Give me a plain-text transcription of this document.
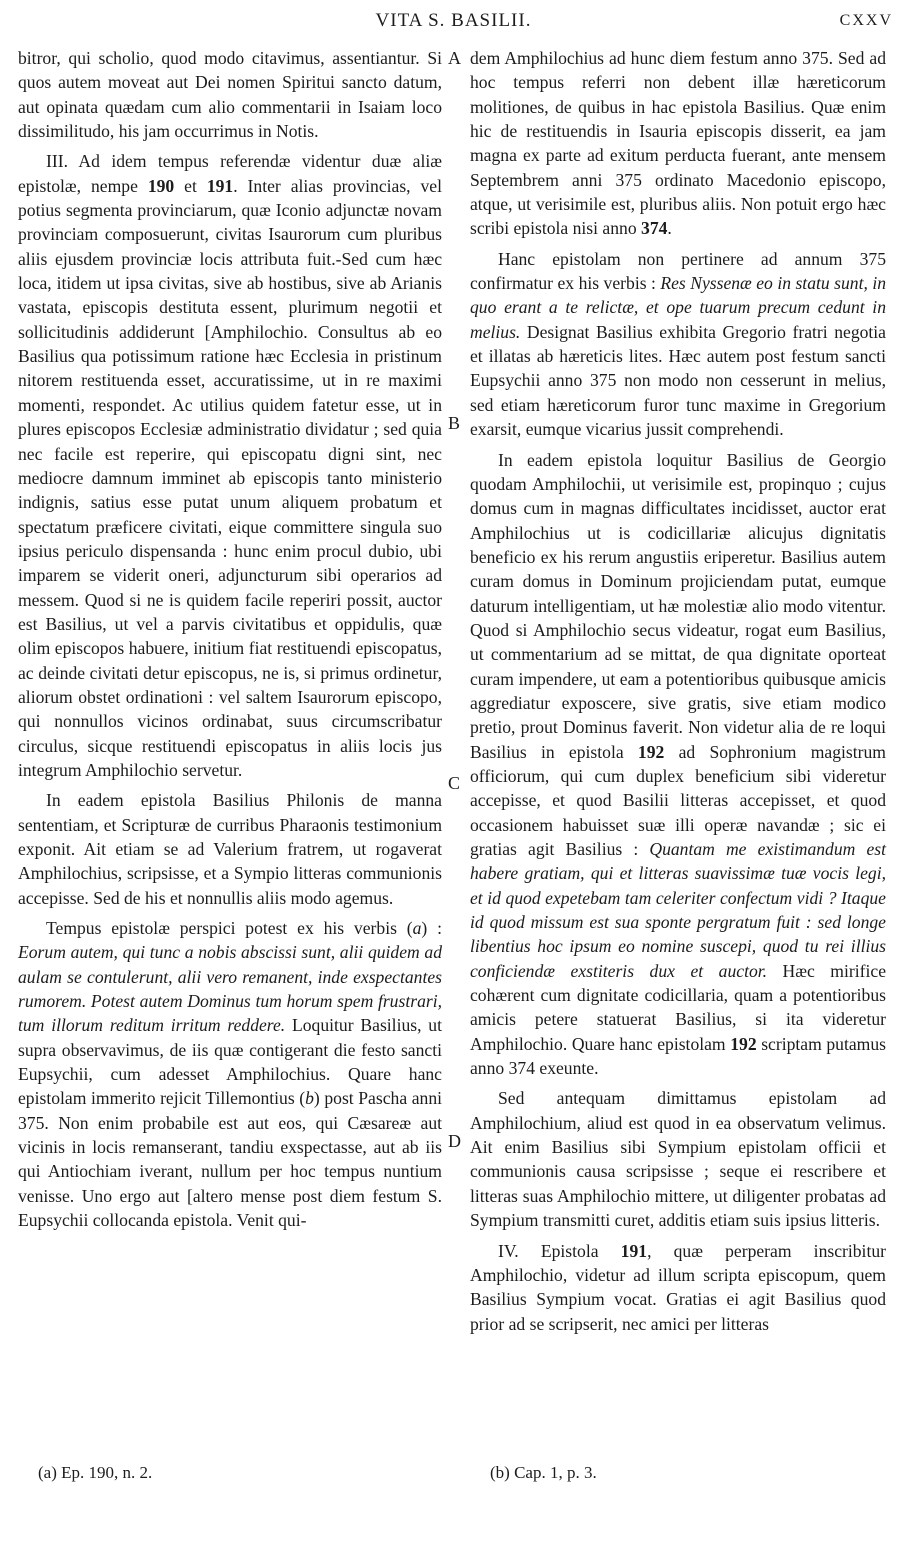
VITA S. BASILII.	CXXV
A
B
C
D

bitror, qui scholio, quod modo citavimus, assentiantur. Si quos autem moveat aut Dei nomen Spiritui sancto datum, aut opinata quædam cum alio commentarii in Isaiam loco dissimilitudo, his jam occurrimus in Notis.

III. Ad idem tempus referendæ videntur duæ aliæ epistolæ, nempe 190 et 191. Inter alias provincias, vel potius segmenta provinciarum, quæ Iconio adjunctæ novam provinciam composuerunt, civitas Isaurorum cum pluribus aliis ejusdem provinciæ locis attributa fuit.-Sed cum hæc loca, itidem ut ipsa civitas, sive ab hostibus, sive ab Arianis vastata, episcopis destituta essent, plurimum negotii et sollicitudinis addiderunt [Amphilochio. Consultus ab eo Basilius qua potissimum ratione hæc Ecclesia in pristinum nitorem restituenda esset, accuratissime, ut in re maximi momenti, respondet. Ac utilius quidem fatetur esse, ut in plures episcopos Ecclesiæ administratio dividatur ; sed quia nec facile est reperire, qui episcopatu digni sint, nec mediocre damnum imminet ab episcopis tanto ministerio indignis, satius esse putat unum aliquem probatum et spectatum præficere civitati, eique committere singula suo ipsius periculo dispensanda : hunc enim procul dubio, ubi imparem se viderit oneri, adjuncturum sibi operarios ad messem. Quod si ne is quidem facile reperiri possit, auctor est Basilius, ut vel a parvis civitatibus et oppidulis, quæ olim episcopos habuere, initium fiat restituendi episcopatus, ac deinde civitati detur episcopus, ne is, si primus ordinetur, aliorum obstet ordinationi : vel saltem Isaurorum episcopo, qui nonnullos vicinos ordinabat, suus circumscribatur circulus, sicque restituendi episcopatus in aliis locis jus integrum Amphilochio servetur.

In eadem epistola Basilius Philonis de manna sententiam, et Scripturæ de curribus Pharaonis testimonium exponit. Ait etiam se ad Valerium fratrem, ut rogaverat Amphilochius, scripsisse, et a Sympio litteras communionis accepisse. Sed de his et nonnullis aliis modo agemus.

Tempus epistolæ perspici potest ex his verbis (a) : Eorum autem, qui tunc a nobis abscissi sunt, alii quidem ad aulam se contulerunt, alii vero remanent, inde exspectantes rumorem. Potest autem Dominus tum horum spem frustrari, tum illorum reditum irritum reddere. Loquitur Basilius, ut supra observavimus, de iis quæ contigerant die festo sancti Eupsychii, cum adesset Amphilochius. Quare hanc epistolam immerito rejicit Tillemontius (b) post Pascha anni 375. Non enim probabile est aut eos, qui Cæsareæ aut vicinis in locis remanserant, tandiu exspectasse, aut ab iis qui Antiochiam iverant, nullum per hoc tempus nuntium venisse. Uno ergo aut [altero mense post diem festum S. Eupsychii collocanda epistola. Venit qui-

dem Amphilochius ad hunc diem festum anno 375. Sed ad hoc tempus referri non debent illæ hæreticorum molitiones, de quibus in hac epistola Basilius. Quæ enim hic de restituendis in Isauria episcopis disserit, ea jam magna ex parte ad exitum perducta fuerant, ante mensem Septembrem anni 375 ordinato Macedonio episcopo, atque, ut verisimile est, pluribus aliis. Non potuit ergo hæc scribi epistola nisi anno 374.

Hanc epistolam non pertinere ad annum 375 confirmatur ex his verbis : Res Nyssenæ eo in statu sunt, in quo erant a te relictæ, et ope tuarum precum cedunt in melius. Designat Basilius exhibita Gregorio fratri negotia et illatas ab hæreticis lites. Hæc autem post festum sancti Eupsychii anno 375 non modo non cesserunt in melius, sed etiam hæreticorum furor tunc maxime in Gregorium exarsit, eumque vicarius jussit comprehendi.

In eadem epistola loquitur Basilius de Georgio quodam Amphilochii, ut verisimile est, propinquo ; cujus domus cum in magnas difficultates incidisset, auctor erat Amphilochius ut is codicillariæ alicujus dignitatis beneficio ex his rerum angustiis eriperetur. Basilius autem curam domus in Dominum projiciendam putat, eumque daturum intelligentiam, ut hæ molestiæ alio modo vitentur. Quod si Amphilochio secus videatur, rogat eum Basilius, ut commentarium ad se mittat, de qua dignitate oporteat curam impendere, ut eam a potentioribus quibusque amicis aggrediatur exposcere, sive gratis, sive etiam modico pretio, prout Dominus faverit. Non videtur alia de re loqui Basilius in epistola 192 ad Sophronium magistrum officiorum, qui cum duplex beneficium sibi videretur accepisse, et quod Basilii litteras accepisset, et quod occasionem habuisset suæ illi operæ navandæ ; sic ei gratias agit Basilius : Quantam me existimandum est habere gratiam, qui et litteras suavissimæ tuæ vocis legi, et id quod expetebam tam celeriter confectum vidi ? Itaque id quod missum est sua sponte pergratum fuit : sed longe libentius hoc ipsum eo nomine suscepi, quod tu rei illius conficiendæ exstiteris dux et auctor. Hæc mirifice cohærent cum dignitate codicillaria, quam a potentioribus amicis petere statuerat Basilius, si ita videretur Amphilochio. Quare hanc epistolam 192 scriptam putamus anno 374 exeunte.

Sed antequam dimittamus epistolam ad Amphilochium, aliud est quod in ea observatum velimus. Ait enim Basilius sibi Sympium epistolam officii et communionis causa scripsisse ; seque ei rescribere et litteras suas Amphilochio mittere, ut diligenter probatas ad Sympium transmitti curet, additis etiam suis ipsius litteris.

IV. Epistola 191, quæ perperam inscribitur Amphilochio, videtur ad illum scripta episcopum, quem Basilius Sympium vocat. Gratias ei agit Basilius quod prior ad se scripserit, nec amici per litteras

(a) Ep. 190, n. 2.	(b) Cap. 1, p. 3.
